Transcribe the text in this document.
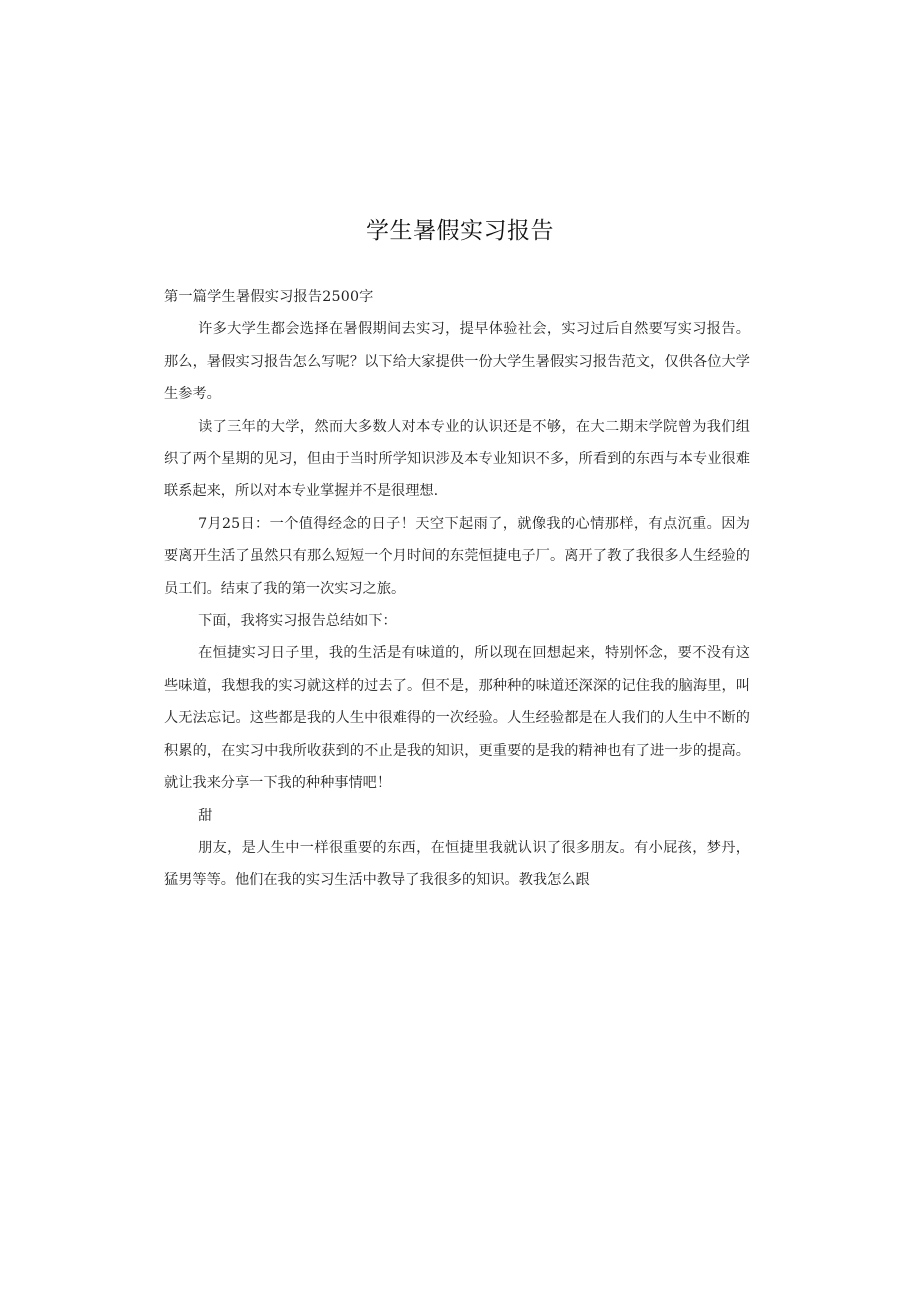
学生暑假实习报告

第一篇学生暑假实习报告2500字

许多大学生都会选择在暑假期间去实习，提早体验社会，实习过后自然要写实习报告。那么，暑假实习报告怎么写呢？以下给大家提供一份大学生暑假实习报告范文，仅供各位大学生参考。

读了三年的大学，然而大多数人对本专业的认识还是不够，在大二期末学院曾为我们组织了两个星期的见习，但由于当时所学知识涉及本专业知识不多，所看到的东西与本专业很难联系起来，所以对本专业掌握并不是很理想.

7月25日：一个值得经念的日子！天空下起雨了，就像我的心情那样，有点沉重。因为要离开生活了虽然只有那么短短一个月时间的东莞恒捷电子厂。离开了教了我很多人生经验的员工们。结束了我的第一次实习之旅。

下面，我将实习报告总结如下：

在恒捷实习日子里，我的生活是有味道的，所以现在回想起来，特别怀念，要不没有这些味道，我想我的实习就这样的过去了。但不是，那种种的味道还深深的记住我的脑海里，叫人无法忘记。这些都是我的人生中很难得的一次经验。人生经验都是在人我们的人生中不断的积累的，在实习中我所收获到的不止是我的知识，更重要的是我的精神也有了进一步的提高。就让我来分享一下我的种种事情吧！

甜

朋友，是人生中一样很重要的东西，在恒捷里我就认识了很多朋友。有小屁孩，梦丹，猛男等等。他们在我的实习生活中教导了我很多的知识。教我怎么跟
